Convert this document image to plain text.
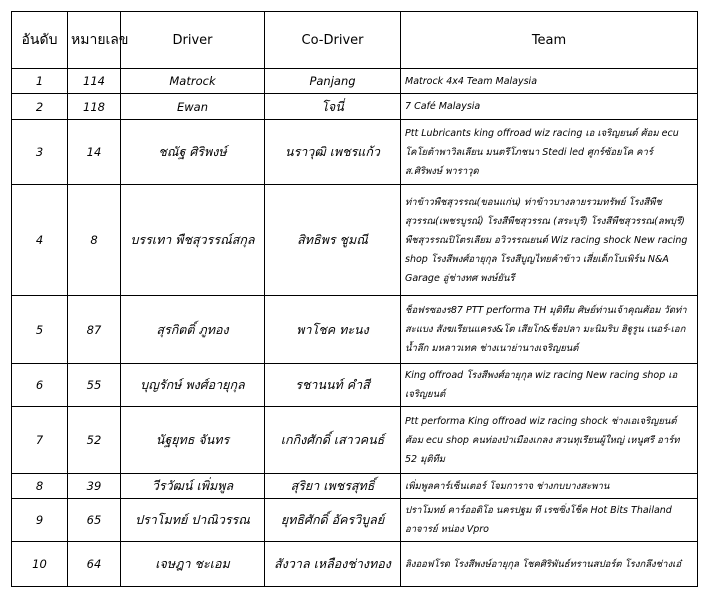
อันดับ	หมายเลข	Driver	Co-Driver	Team
1	114	Matrock	Panjang	Matrock 4x4 Team Malaysia
2	118	Ewan	โจนี่	7 Café Malaysia
3	14	ชณัฐ ศิริพงษ์	นราวุฒิ เพชรแก้ว	Ptt Lubricants king offroad wiz racing เอ เจริญยนต์ ศ้อม ecu โคโยต้าพาวิลเลียน มนตรีโภชนา Stedi led ศูกร์ซ้อยโค คาร์ ส.ศิริพงษ์ พาราวุด
4	8	บรรเทา พืชสุวรรณ์สกุล	สิทธิพร ชูมณี	ท่าข้าวพืชสุวรรณ(ขอนแก่น) ท่าข้าวบางลายรวมทรัพย์ โรงสีพืชสุวรรณ(เพชรบูรณ์) โรงสีพืชสุวรรณ (สระบุรี) โรงสีพืชสุวรรณ(ลพบุรี) พืชสุวรรณปิโตรเลียม อวิวรรณยนต์ Wiz racing shock New racing shop โรงสีพงศ์อายุกุล โรงสีบูญไทยค้าข้าว เสี่ยเด็กโบเพิร์น N&A Garage อู่ช่างทศ พงษ์ยันรี
5	87	สุรกิตติ์ ภูทอง	พาโชค ทะนง	ช็อฟรซองร87 PTT performa TH มุติทีม ศิษย์ท่านเจ้าคุณศ้อม วัดท่าสะแบง สังฆเรียนแครง&โต เสียโก&ช็อปลา มะนิมริบ ฮิฐูรูน เนอร์-เอกน้ำลึก มหลาวเทค ช่างเนาย่านางเจริญยนต์
6	55	บุญรักษ์ พงศ์อายุกุล	รชานนท์ คำสี	King offroad โรงสีพงศ์อายุกุล wiz racing New racing shop เอ เจริญยนต์
7	52	นัฐยุทธ จันทร	เกกิงศักดิ์ เสาวคนธ์	Ptt performa King offroad wiz racing shock ช่างเอเจริญยนต์ ศ้อม ecu shop คนท่องป่าเมืองเกลง สวนทุเรียนผู้ใหญ่ เหนูศรี อาร์ท 52 มุติทีม
8	39	วีรวัฒน์ เพิ่มพูล	สุริยา เพชรสุทธิ์	เพิ่มพูลคาร์เซ็นเตอร์ โจมการาจ ช่างกบบางสะพาน
9	65	ปราโมทย์ ปาณิวรรณ	ยุทธิศักดิ์ อัครวิบูลย์	ปราโมทย์ คาร์ออดิโอ นครปฐม ที เรซซิ่งโช็ค Hot Bits Thailand อาจารย์ หน่อง Vpro
10	64	เจษฎา ชะเอม	สังวาล เหลืองช่างทอง	ลิงออฟโรด โรงสีพงษ์อายุกุล โชคศิริพันธ์ทรานสปอร์ต โรงกลึงช่างเอ๋
